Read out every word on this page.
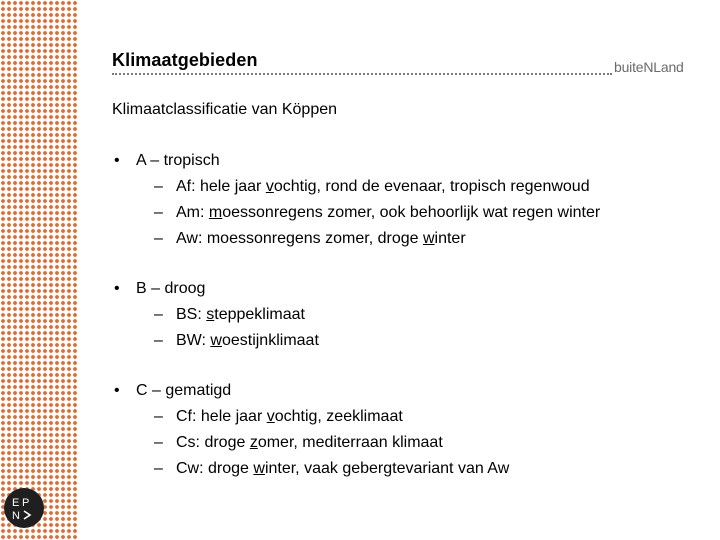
E P
N
Klimaatgebieden	buiteNLand
Klimaatclassificatie van Köppen
•	A – tropisch
– Af: hele jaar vochtig, rond de evenaar, tropisch regenwoud
– Am: moessonregens zomer, ook behoorlijk wat regen winter
– Aw: moessonregens zomer, droge winter
•	B – droog
– BS: steppeklimaat
– BW: woestijnklimaat
•	C – gematigd
– Cf: hele jaar vochtig, zeeklimaat
– Cs: droge zomer, mediterraan klimaat
– Cw: droge winter, vaak gebergtevariant van Aw
